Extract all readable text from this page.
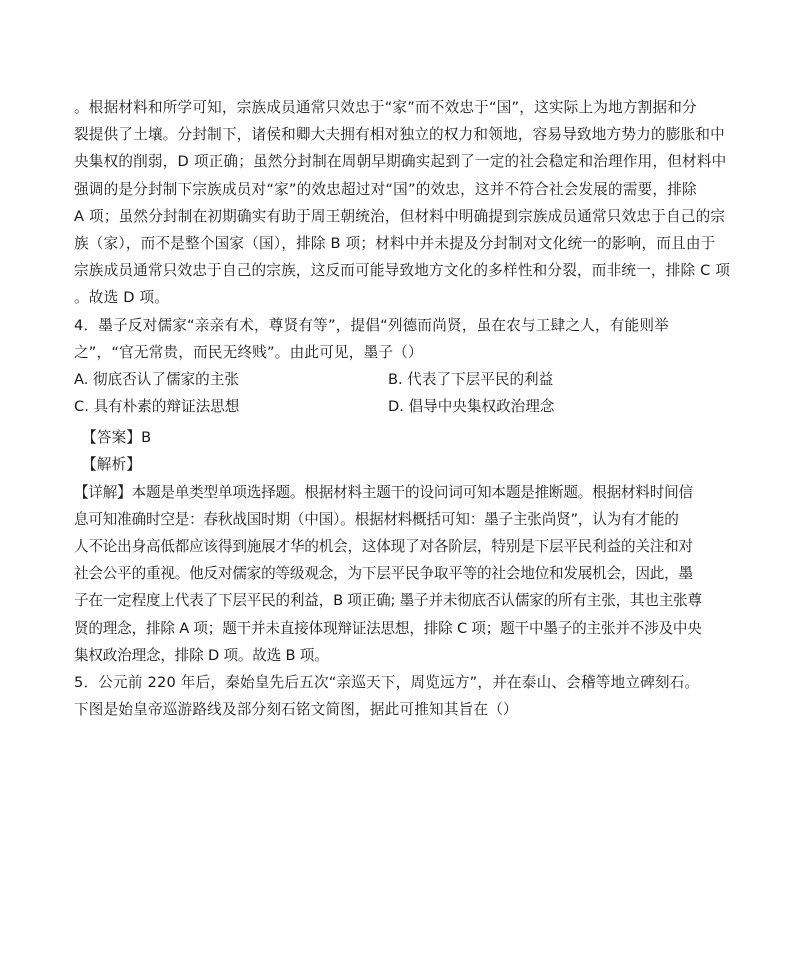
。根据材料和所学可知，宗族成员通常只效忠于“家”而不效忠于“国”，这实际上为地方割据和分
裂提供了土壤。分封制下，诸侯和卿大夫拥有相对独立的权力和领地，容易导致地方势力的膨胀和中
央集权的削弱，D 项正确；虽然分封制在周朝早期确实起到了一定的社会稳定和治理作用，但材料中
强调的是分封制下宗族成员对“家”的效忠超过对“国”的效忠，这并不符合社会发展的需要，排除
A 项；虽然分封制在初期确实有助于周王朝统治，但材料中明确提到宗族成员通常只效忠于自己的宗
族（家），而不是整个国家（国），排除 B 项；材料中并未提及分封制对文化统一的影响，而且由于
宗族成员通常只效忠于自己的宗族，这反而可能导致地方文化的多样性和分裂，而非统一，排除 C 项
。故选 D 项。
4．墨子反对儒家“亲亲有术，尊贤有等”，提倡“列德而尚贤，虽在农与工肆之人，有能则举
之”，“官无常贵，而民无终贱”。由此可见，墨子（）
A. 彻底否认了儒家的主张	B. 代表了下层平民的利益
C. 具有朴素的辩证法思想	D. 倡导中央集权政治理念
【答案】B
【解析】
【详解】本题是单类型单项选择题。根据材料主题干的设问词可知本题是推断题。根据材料时间信
息可知准确时空是：春秋战国时期（中国）。根据材料概括可知：墨子主张尚贤”，认为有才能的
人不论出身高低都应该得到施展才华的机会，这体现了对各阶层，特别是下层平民利益的关注和对
社会公平的重视。他反对儒家的等级观念，为下层平民争取平等的社会地位和发展机会，因此，墨
子在一定程度上代表了下层平民的利益，B 项正确; 墨子并未彻底否认儒家的所有主张，其也主张尊
贤的理念，排除 A 项；题干并未直接体现辩证法思想，排除 C 项；题干中墨子的主张并不涉及中央
集权政治理念，排除 D 项。故选 B 项。
5．公元前 220 年后，秦始皇先后五次“亲巡天下，周览远方”，并在泰山、会稽等地立碑刻石。
下图是始皇帝巡游路线及部分刻石铭文简图，据此可推知其旨在（）
